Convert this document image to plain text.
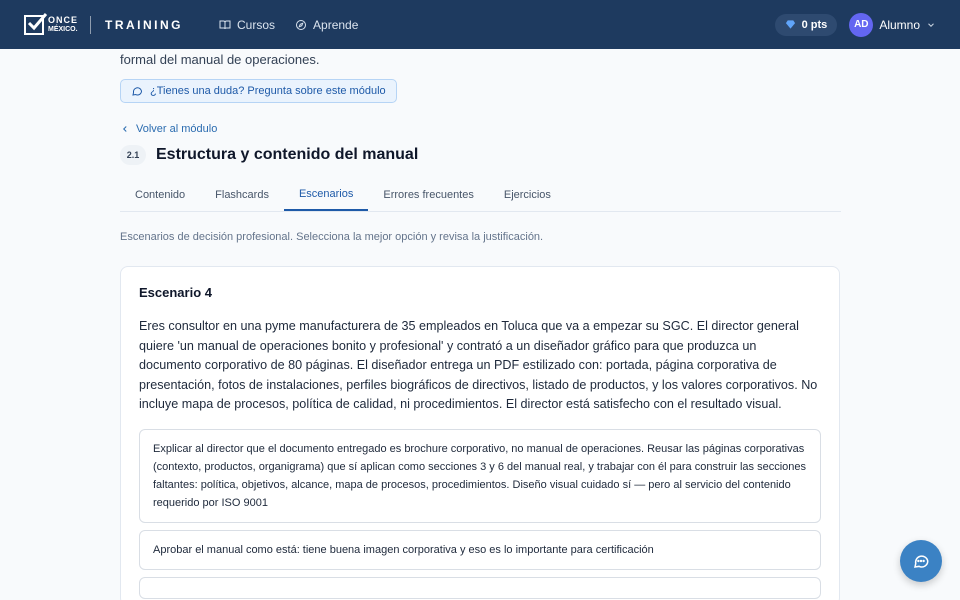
ONCE
MÉXICO. TRAINING	Cursos	Aprende	0 pts	AD Alumno

formal del manual de operaciones.

¿Tienes una duda? Pregunta sobre este módulo
Volver al módulo
2.1	Estructura y contenido del manual
Contenido	Flashcards	Escenarios	Errores frecuentes	Ejercicios

Escenarios de decisión profesional. Selecciona la mejor opción y revisa la justificación.

Escenario 4

Eres consultor en una pyme manufacturera de 35 empleados en Toluca que va a empezar su SGC. El director general quiere 'un manual de operaciones bonito y profesional' y contrató a un diseñador gráfico para que produzca un documento corporativo de 80 páginas. El diseñador entrega un PDF estilizado con: portada, página corporativa de presentación, fotos de instalaciones, perfiles biográficos de directivos, listado de productos, y los valores corporativos. No incluye mapa de procesos, política de calidad, ni procedimientos. El director está satisfecho con el resultado visual.

Explicar al director que el documento entregado es brochure corporativo, no manual de operaciones. Reusar las páginas corporativas (contexto, productos, organigrama) que sí aplican como secciones 3 y 6 del manual real, y trabajar con él para construir las secciones faltantes: política, objetivos, alcance, mapa de procesos, procedimientos. Diseño visual cuidado sí — pero al servicio del contenido requerido por ISO 9001
Aprobar el manual como está: tiene buena imagen corporativa y eso es lo importante para certificación
